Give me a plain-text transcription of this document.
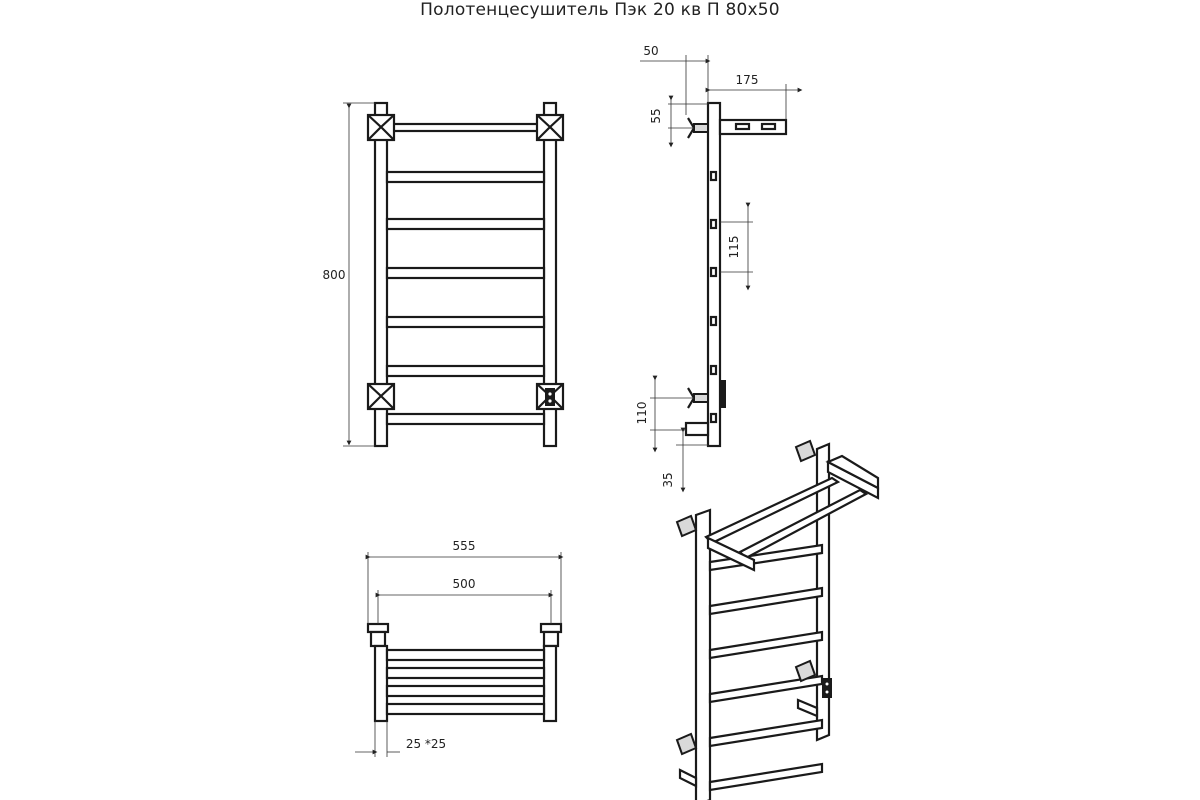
Полотенцесушитель Пэк 20 кв П 80х50
800
50
175
55
115
110
35
555
500
25 *25
